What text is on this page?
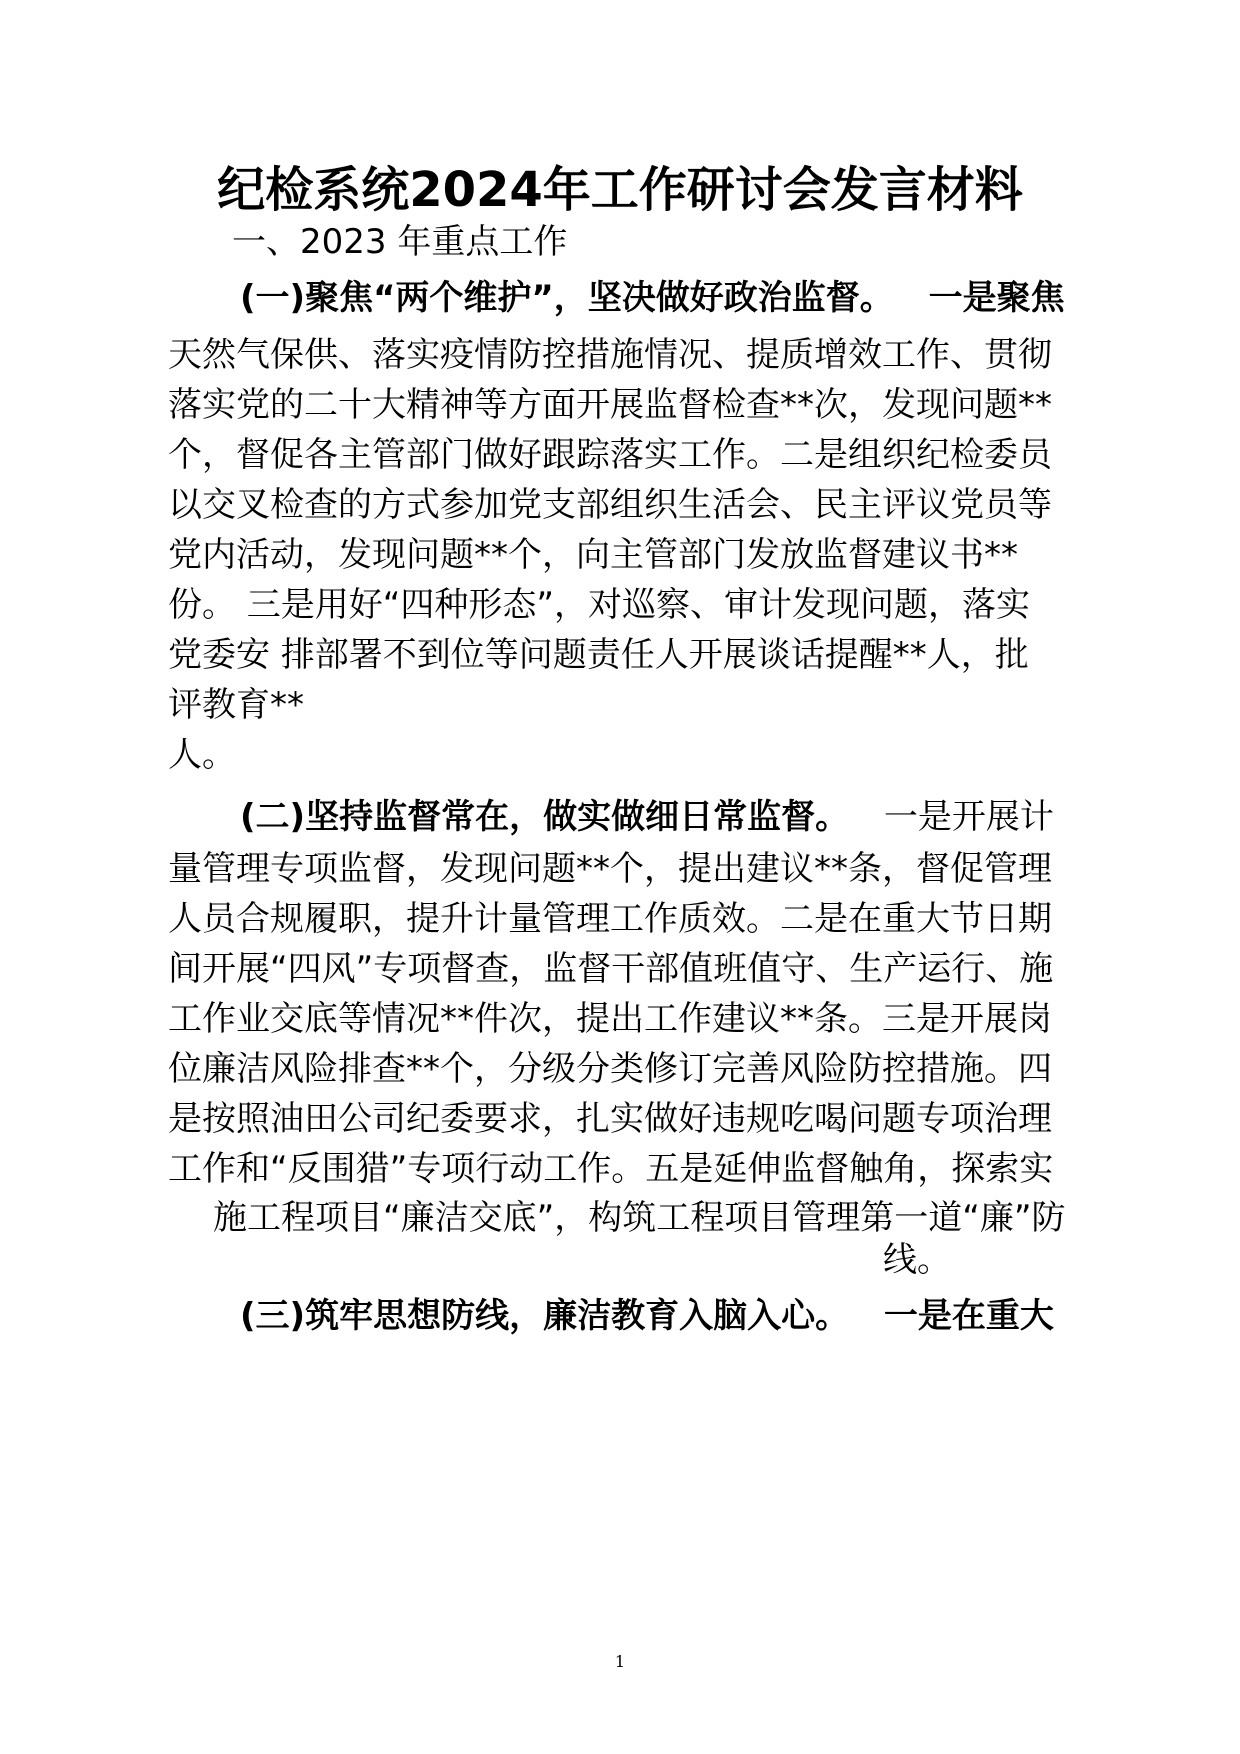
纪检系统2024年工作研讨会发言材料
一、2023 年重点工作
(一)聚焦“两个维护”，坚决做好政治监督。 一是聚焦
天然气保供、落实疫情防控措施情况、提质增效工作、贯彻
落实党的二十大精神等方面开展监督检查**次，发现问题**
个，督促各主管部门做好跟踪落实工作。二是组织纪检委员
以交叉检查的方式参加党支部组织生活会、民主评议党员等
党内活动，发现问题**个，向主管部门发放监督建议书**
份。 三是用好“四种形态”，对巡察、审计发现问题，落实
党委安 排部署不到位等问题责任人开展谈话提醒**人，批
评教育**
人。
(二)坚持监督常在，做实做细日常监督。 一是开展计
量管理专项监督，发现问题**个，提出建议**条，督促管理
人员合规履职，提升计量管理工作质效。二是在重大节日期
间开展“四风”专项督查，监督干部值班值守、生产运行、施
工作业交底等情况**件次，提出工作建议**条。三是开展岗
位廉洁风险排查**个，分级分类修订完善风险防控措施。四
是按照油田公司纪委要求，扎实做好违规吃喝问题专项治理
工作和“反围猎”专项行动工作。五是延伸监督触角，探索实
施工程项目“廉洁交底”，构筑工程项目管理第一道“廉”防
线。
(三)筑牢思想防线，廉洁教育入脑入心。 一是在重大
1
